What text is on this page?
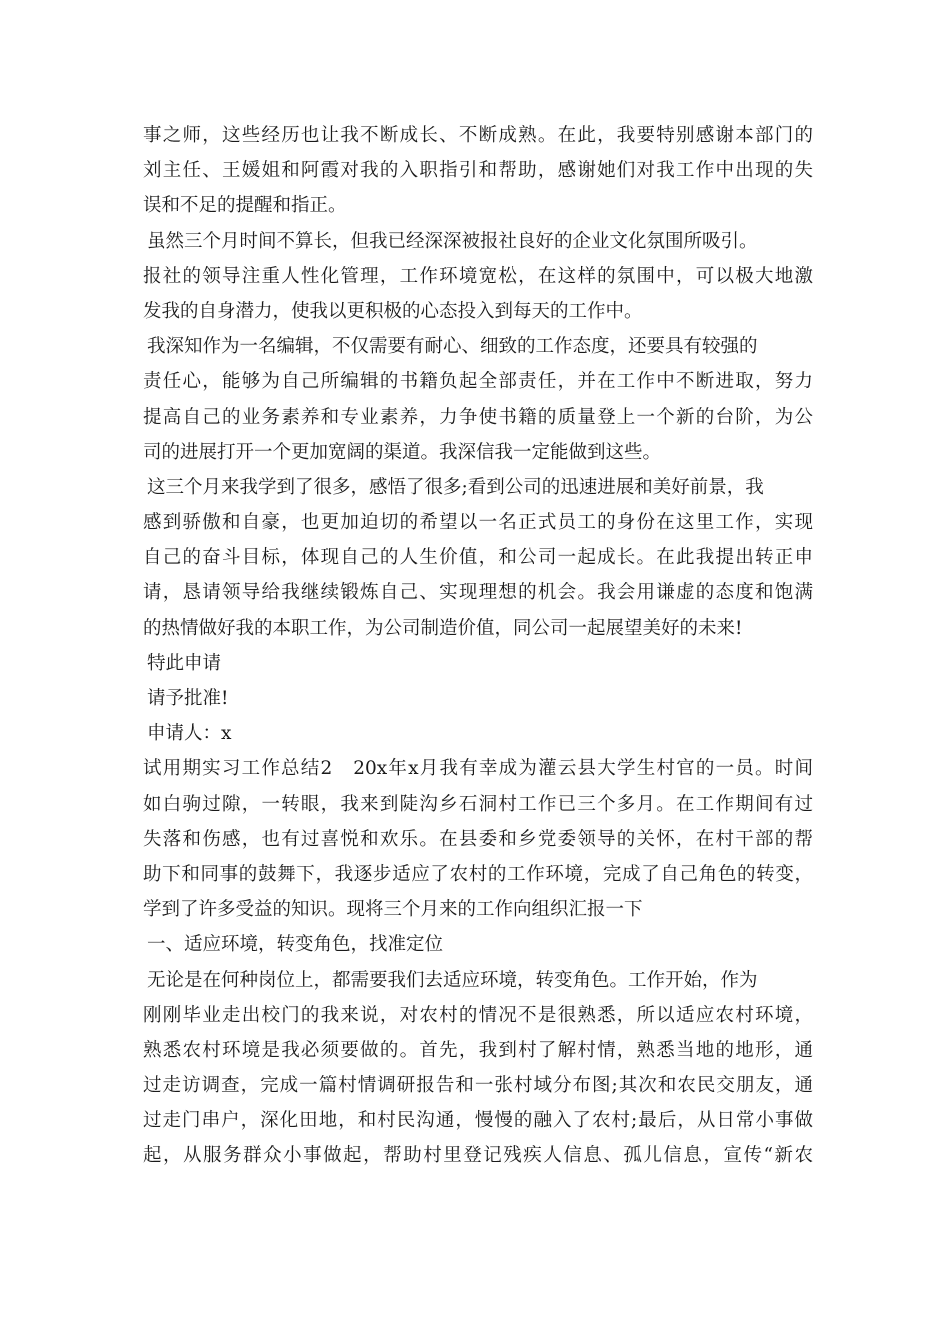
事之师，这些经历也让我不断成长、不断成熟。在此，我要特别感谢本部门的
刘主任、王媛姐和阿霞对我的入职指引和帮助，感谢她们对我工作中出现的失
误和不足的提醒和指正。
虽然三个月时间不算长，但我已经深深被报社良好的企业文化氛围所吸引。
报社的领导注重人性化管理，工作环境宽松，在这样的氛围中，可以极大地激
发我的自身潜力，使我以更积极的心态投入到每天的工作中。
我深知作为一名编辑，不仅需要有耐心、细致的工作态度，还要具有较强的
责任心，能够为自己所编辑的书籍负起全部责任，并在工作中不断进取，努力
提高自己的业务素养和专业素养，力争使书籍的质量登上一个新的台阶，为公
司的进展打开一个更加宽阔的渠道。我深信我一定能做到这些。
这三个月来我学到了很多，感悟了很多;看到公司的迅速进展和美好前景，我
感到骄傲和自豪，也更加迫切的希望以一名正式员工的身份在这里工作，实现
自己的奋斗目标，体现自己的人生价值，和公司一起成长。在此我提出转正申
请，恳请领导给我继续锻炼自己、实现理想的机会。我会用谦虚的态度和饱满
的热情做好我的本职工作，为公司制造价值，同公司一起展望美好的未来!
特此申请
请予批准!
申请人：x
试用期实习工作总结2　20x年x月我有幸成为灌云县大学生村官的一员。时间
如白驹过隙，一转眼，我来到陡沟乡石洞村工作已三个多月。在工作期间有过
失落和伤感，也有过喜悦和欢乐。在县委和乡党委领导的关怀，在村干部的帮
助下和同事的鼓舞下，我逐步适应了农村的工作环境，完成了自己角色的转变，
学到了许多受益的知识。现将三个月来的工作向组织汇报一下
一、适应环境，转变角色，找准定位
无论是在何种岗位上，都需要我们去适应环境，转变角色。工作开始，作为
刚刚毕业走出校门的我来说，对农村的情况不是很熟悉，所以适应农村环境，
熟悉农村环境是我必须要做的。首先，我到村了解村情，熟悉当地的地形，通
过走访调查，完成一篇村情调研报告和一张村域分布图;其次和农民交朋友，通
过走门串户，深化田地，和村民沟通，慢慢的融入了农村;最后，从日常小事做
起，从服务群众小事做起，帮助村里登记残疾人信息、孤儿信息，宣传“新农
